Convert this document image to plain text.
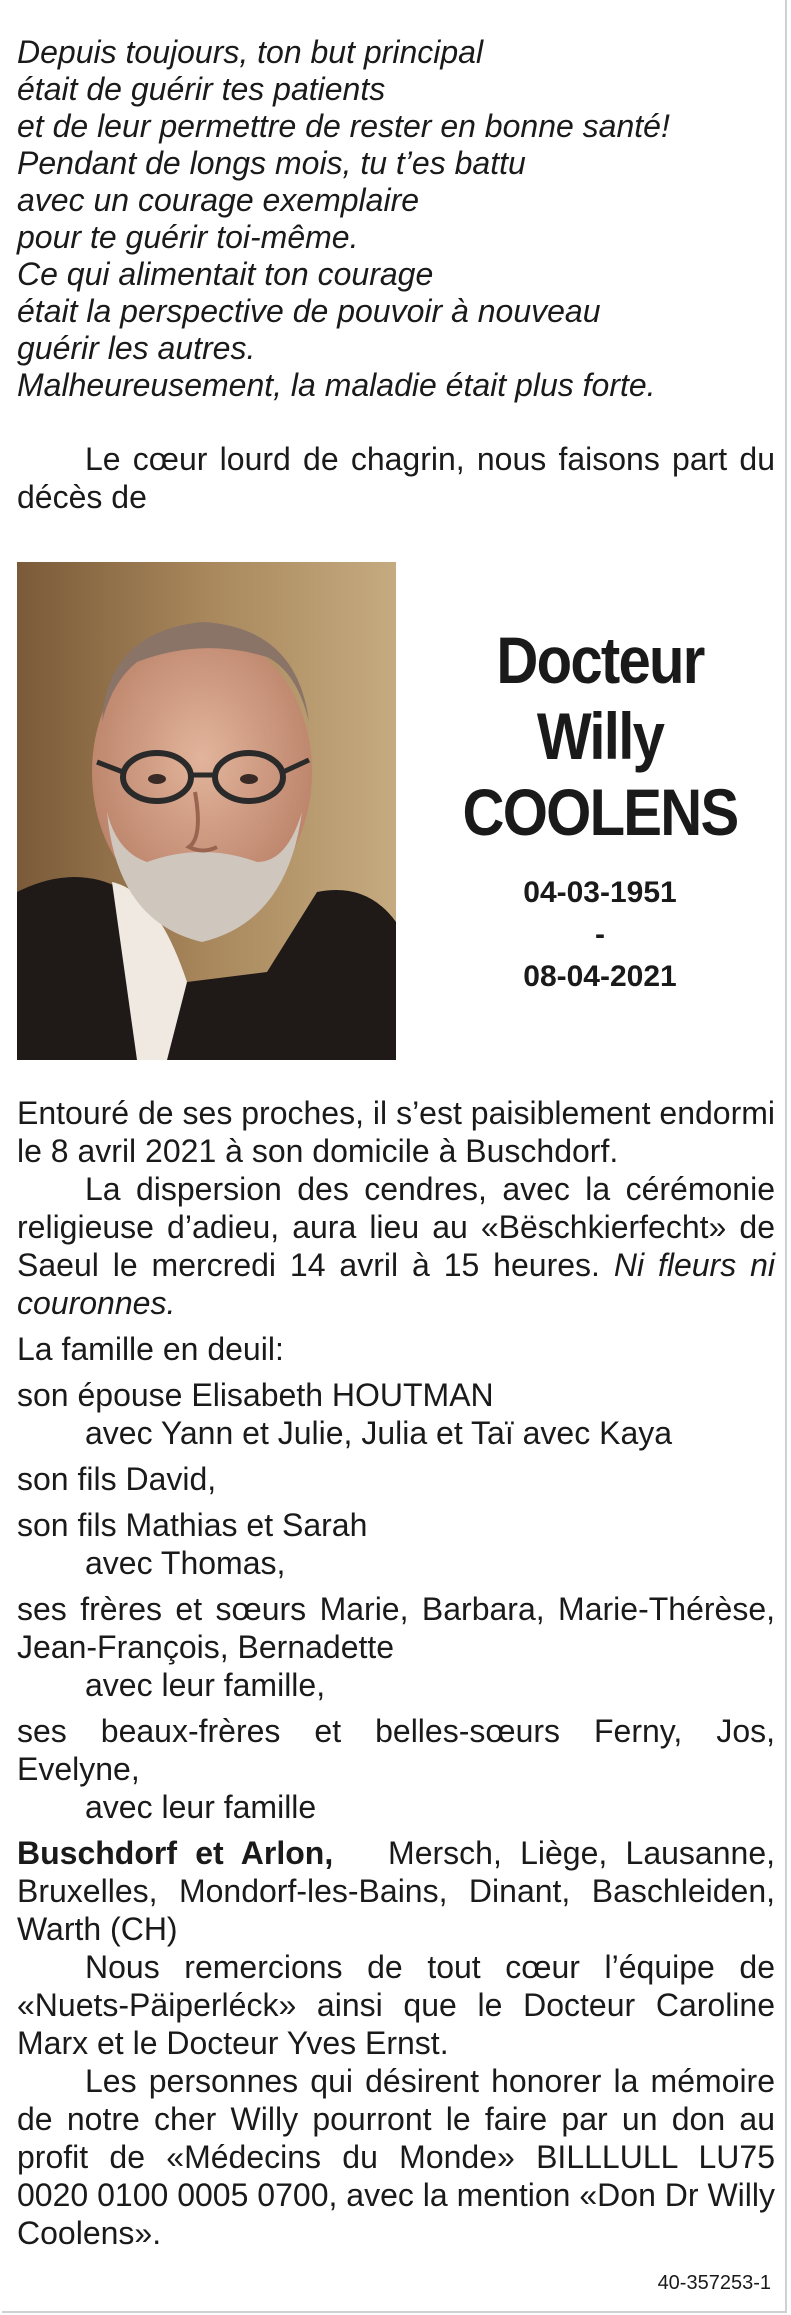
Depuis toujours, ton but principal
était de guérir tes patients
et de leur permettre de rester en bonne santé!
Pendant de longs mois, tu t’es battu
avec un courage exemplaire
pour te guérir toi-même.
Ce qui alimentait ton courage
était la perspective de pouvoir à nouveau
guérir les autres.
Malheureusement, la maladie était plus forte.

Le cœur lourd de chagrin, nous faisons part du décès de

Docteur
Willy
COOLENS
04-03-1951
-
08-04-2021

Entouré de ses proches, il s’est paisiblement endormi le 8 avril 2021 à son domicile à Buschdorf.

La dispersion des cendres, avec la cérémonie religieuse d’adieu, aura lieu au «Bëschkierfecht» de Saeul le mercredi 14 avril à 15 heures. Ni fleurs ni couronnes.

La famille en deuil:

son épouse Elisabeth HOUTMAN

avec Yann et Julie, Julia et Taï avec Kaya

son fils David,

son fils Mathias et Sarah

avec Thomas,

ses frères et sœurs Marie, Barbara, Marie-Thérèse, Jean-François, Bernadette

avec leur famille,

ses beaux-frères et belles-sœurs Ferny, Jos, Evelyne,

avec leur famille

Buschdorf et Arlon, Mersch, Liège, Lausanne, Bruxelles, Mondorf-les-Bains, Dinant, Baschleiden, Warth (CH)

Nous remercions de tout cœur l’équipe de «Nuets-Päiperléck» ainsi que le Docteur Caroline Marx et le Docteur Yves Ernst.

Les personnes qui désirent honorer la mémoire de notre cher Willy pourront le faire par un don au profit de «Médecins du Monde» BILLLULL LU75 0020 0100 0005 0700, avec la mention «Don Dr Willy Coolens».

40-357253-1
